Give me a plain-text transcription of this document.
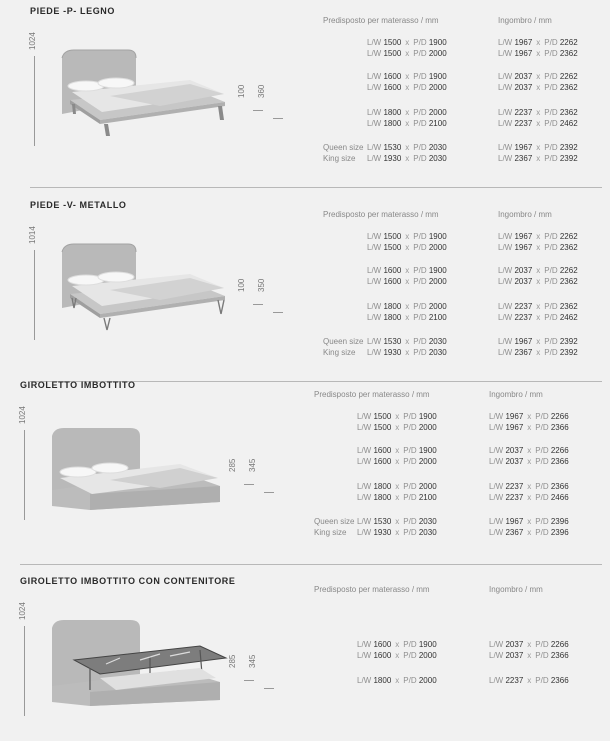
PIEDE -P- LEGNO
1024
100 360
Predisposto per materasso / mm	Ingombro / mm
L/W 1500 x P/D 1900	L/W 1967 x P/D 2262
L/W 1500 x P/D 2000	L/W 1967 x P/D 2362
L/W 1600 x P/D 1900	L/W 2037 x P/D 2262
L/W 1600 x P/D 2000	L/W 2037 x P/D 2362
L/W 1800 x P/D 2000	L/W 2237 x P/D 2362
L/W 1800 x P/D 2100	L/W 2237 x P/D 2462
Queen size L/W 1530 x P/D 2030	L/W 1967 x P/D 2392
King size L/W 1930 x P/D 2030	L/W 2367 x P/D 2392
PIEDE -V- METALLO
1014
100 350
Predisposto per materasso / mm	Ingombro / mm
L/W 1500 x P/D 1900	L/W 1967 x P/D 2262
L/W 1500 x P/D 2000	L/W 1967 x P/D 2362
L/W 1600 x P/D 1900	L/W 2037 x P/D 2262
L/W 1600 x P/D 2000	L/W 2037 x P/D 2362
L/W 1800 x P/D 2000	L/W 2237 x P/D 2362
L/W 1800 x P/D 2100	L/W 2237 x P/D 2462
Queen size L/W 1530 x P/D 2030	L/W 1967 x P/D 2392
King size L/W 1930 x P/D 2030	L/W 2367 x P/D 2392
GIROLETTO IMBOTTITO
1024
285 345
Predisposto per materasso / mm	Ingombro / mm
L/W 1500 x P/D 1900	L/W 1967 x P/D 2266
L/W 1500 x P/D 2000	L/W 1967 x P/D 2366
L/W 1600 x P/D 1900	L/W 2037 x P/D 2266
L/W 1600 x P/D 2000	L/W 2037 x P/D 2366
L/W 1800 x P/D 2000	L/W 2237 x P/D 2366
L/W 1800 x P/D 2100	L/W 2237 x P/D 2466
Queen size L/W 1530 x P/D 2030	L/W 1967 x P/D 2396
King size L/W 1930 x P/D 2030	L/W 2367 x P/D 2396
GIROLETTO IMBOTTITO CON CONTENITORE
1024
285 345
Predisposto per materasso / mm	Ingombro / mm
L/W 1600 x P/D 1900	L/W 2037 x P/D 2266
L/W 1600 x P/D 2000	L/W 2037 x P/D 2366
L/W 1800 x P/D 2000	L/W 2237 x P/D 2366
